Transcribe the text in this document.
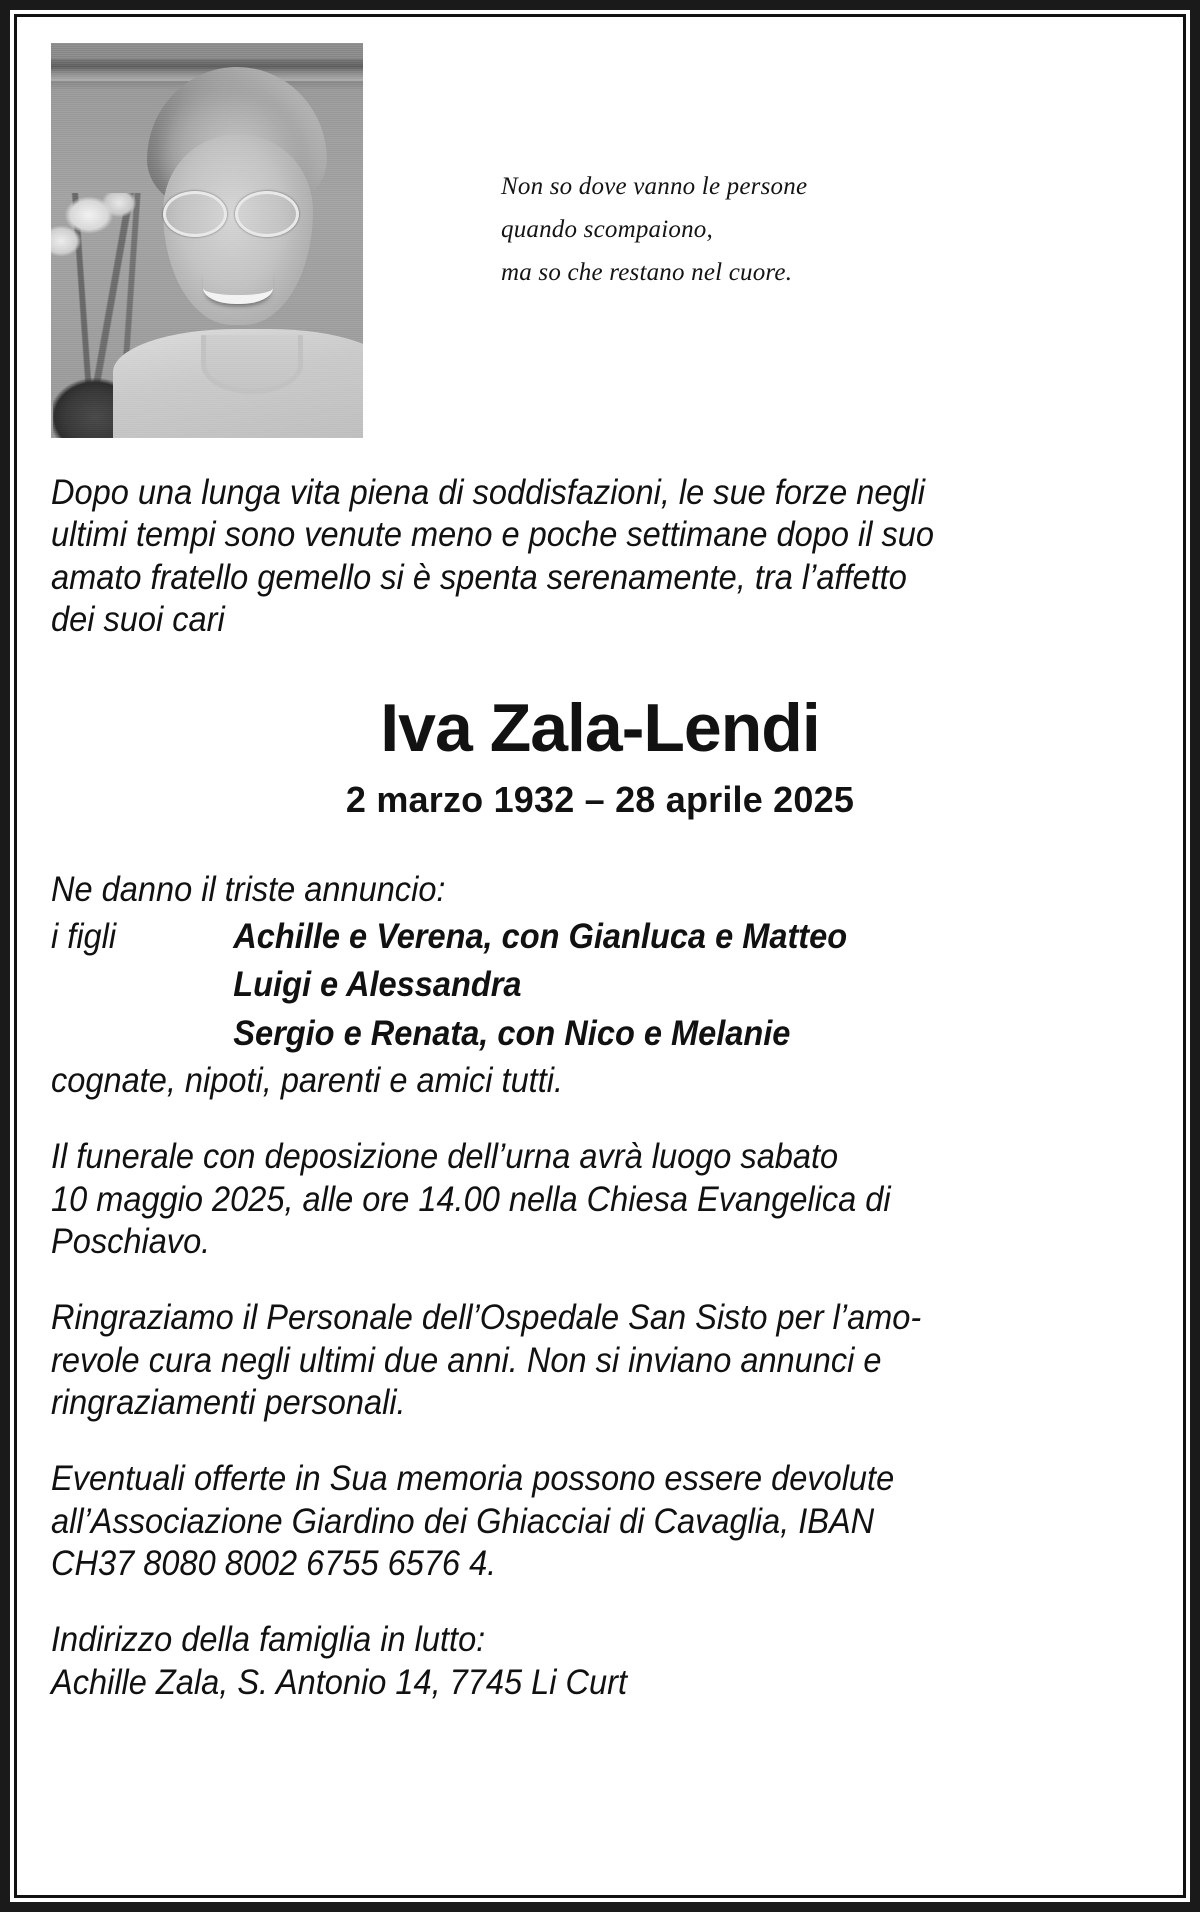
Non so dove vanno le persone
quando scompaiono,
ma so che restano nel cuore.
Dopo una lunga vita piena di soddisfazioni, le sue forze negli
ultimi tempi sono venute meno e poche settimane dopo il suo
amato fratello gemello si è spenta serenamente, tra l’affetto
dei suoi cari
Iva Zala-Lendi
2 marzo 1932 – 28 aprile 2025
Ne danno il triste annuncio:
i figli	Achille e Verena, con Gianluca e Matteo
	Luigi e Alessandra
	Sergio e Renata, con Nico e Melanie
cognate, nipoti, parenti e amici tutti.
Il funerale con deposizione dell’urna avrà luogo sabato
10 maggio 2025, alle ore 14.00 nella Chiesa Evangelica di
Poschiavo.
Ringraziamo il Personale dell’Ospedale San Sisto per l’amo-
revole cura negli ultimi due anni. Non si inviano annunci e
ringraziamenti personali.
Eventuali offerte in Sua memoria possono essere devolute
all’Associazione Giardino dei Ghiacciai di Cavaglia, IBAN
CH37 8080 8002 6755 6576 4.
Indirizzo della famiglia in lutto:
Achille Zala, S. Antonio 14, 7745 Li Curt
